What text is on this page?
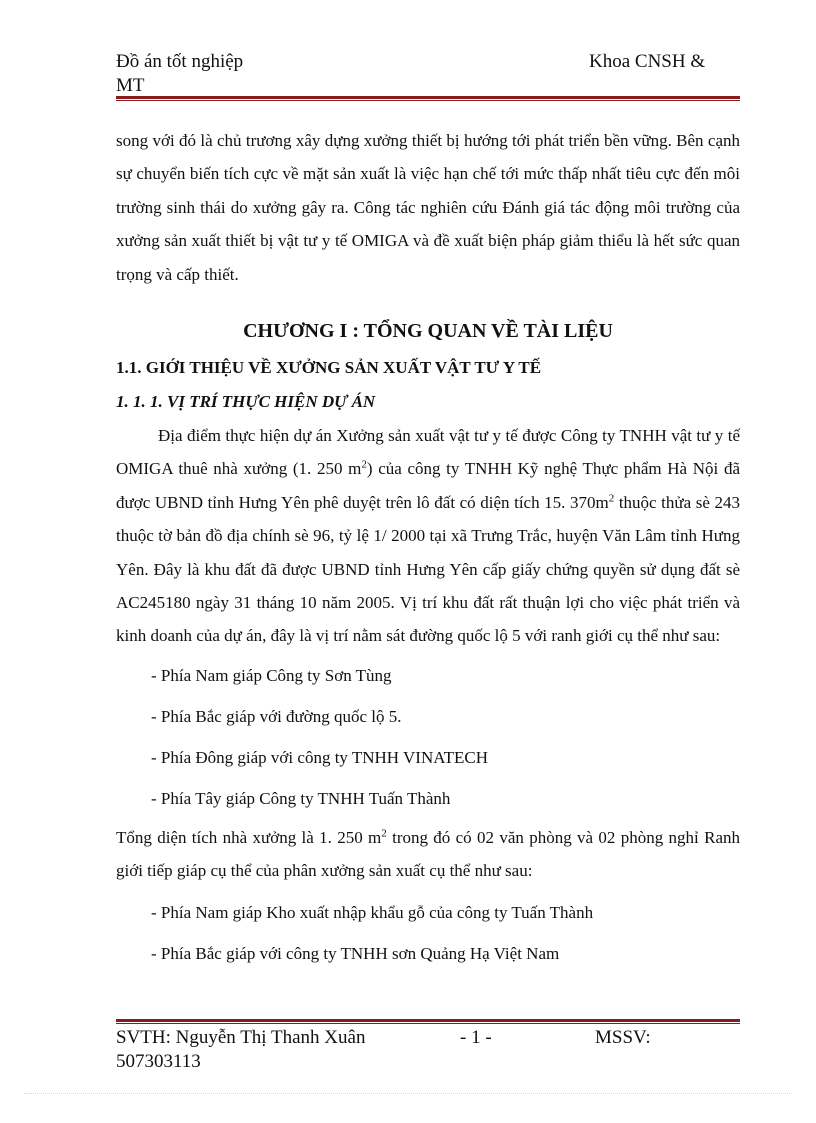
Đồ án tốt nghiệp	Khoa CNSH &
MT

song với đó là chủ trương xây dựng xưởng thiết bị hướng tới phát triển bền vững. Bên cạnh sự chuyển biến tích cực về mặt sản xuất là việc hạn chế tới mức thấp nhất tiêu cực đến môi trường sinh thái do xưởng gây ra. Công tác nghiên cứu Đánh giá tác động môi trường của xưởng sản xuất thiết bị vật tư y tế OMIGA và đề xuất biện pháp giảm thiểu là hết sức quan trọng và cấp thiết.

CHƯƠNG I : TỔNG QUAN VỀ TÀI LIỆU
1.1. GIỚI THIỆU VỀ XƯỞNG SẢN XUẤT VẬT TƯ Y TẾ
1. 1. 1. VỊ TRÍ THỰC HIỆN DỰ ÁN

Địa điểm thực hiện dự án Xưởng sản xuất vật tư y tế được Công ty TNHH vật tư y tế OMIGA thuê nhà xưởng (1. 250 $m^2$) của công ty TNHH Kỹ nghệ Thực phẩm Hà Nội đã được UBND tỉnh Hưng Yên phê duyệt trên lô đất có diện tích 15. $370m^2$ thuộc thửa sè 243 thuộc tờ bản đồ địa chính sè 96, tỷ lệ 1/ 2000 tại xã Trưng Trắc, huyện Văn Lâm tỉnh Hưng Yên. Đây là khu đất đã được UBND tỉnh Hưng Yên cấp giấy chứng quyền sử dụng đất sè AC245180 ngày 31 tháng 10 năm 2005. Vị trí khu đất rất thuận lợi cho việc phát triển và kinh doanh của dự án, đây là vị trí nằm sát đường quốc lộ 5 với ranh giới cụ thể như sau:

- Phía Nam giáp Công ty Sơn Tùng

- Phía Bắc giáp với đường quốc lộ 5.

- Phía Đông giáp với công ty TNHH VINATECH

- Phía Tây giáp Công ty TNHH Tuấn Thành

Tổng diện tích nhà xưởng là 1. 250 $m^2$ trong đó có 02 văn phòng và 02 phòng nghỉ Ranh giới tiếp giáp cụ thể của phân xưởng sản xuất cụ thể như sau:

- Phía Nam giáp Kho xuất nhập khẩu gỗ của công ty Tuấn Thành

- Phía Bắc giáp với công ty TNHH sơn Quảng Hạ Việt Nam

SVTH: Nguyễn Thị Thanh Xuân	- 1 -	MSSV:
507303113
